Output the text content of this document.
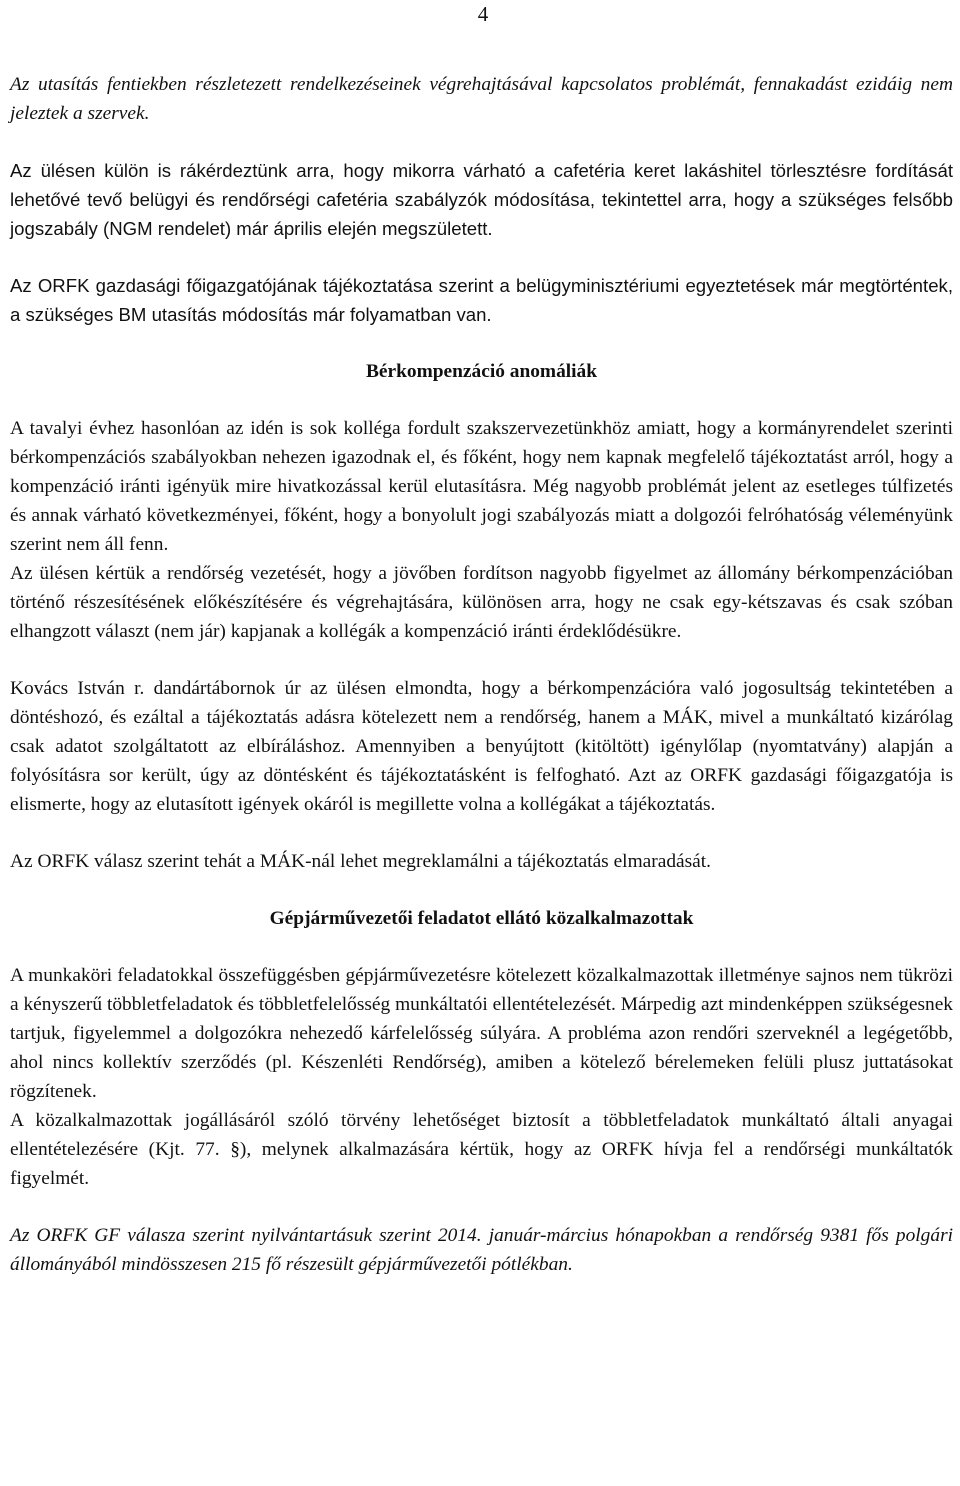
4

Az utasítás fentiekben részletezett rendelkezéseinek végrehajtásával kapcsolatos problémát, fennakadást ezidáig nem jeleztek a szervek.

Az ülésen külön is rákérdeztünk arra, hogy mikorra várható a cafetéria keret lakáshitel törlesztésre fordítását lehetővé tevő belügyi és rendőrségi cafetéria szabályzók módosítása, tekintettel arra, hogy a szükséges felsőbb jogszabály (NGM rendelet) már április elején megszületett.

Az ORFK gazdasági főigazgatójának tájékoztatása szerint a belügyminisztériumi egyeztetések már megtörténtek, a szükséges BM utasítás módosítás már folyamatban van.

Bérkompenzáció anomáliák

A tavalyi évhez hasonlóan az idén is sok kolléga fordult szakszervezetünkhöz amiatt, hogy a kormányrendelet szerinti bérkompenzációs szabályokban nehezen igazodnak el, és főként, hogy nem kapnak megfelelő tájékoztatást arról, hogy a kompenzáció iránti igényük mire hivatkozással kerül elutasításra. Még nagyobb problémát jelent az esetleges túlfizetés és annak várható következményei, főként, hogy a bonyolult jogi szabályozás miatt a dolgozói felróhatóság véleményünk szerint nem áll fenn.

Az ülésen kértük a rendőrség vezetését, hogy a jövőben fordítson nagyobb figyelmet az állomány bérkompenzációban történő részesítésének előkészítésére és végrehajtására, különösen arra, hogy ne csak egy-kétszavas és csak szóban elhangzott választ (nem jár) kapjanak a kollégák a kompenzáció iránti érdeklődésükre.

Kovács István r. dandártábornok úr az ülésen elmondta, hogy a bérkompenzációra való jogosultság tekintetében a döntéshozó, és ezáltal a tájékoztatás adásra kötelezett nem a rendőrség, hanem a MÁK, mivel a munkáltató kizárólag csak adatot szolgáltatott az elbíráláshoz. Amennyiben a benyújtott (kitöltött) igénylőlap (nyomtatvány) alapján a folyósításra sor került, úgy az döntésként és tájékoztatásként is felfogható. Azt az ORFK gazdasági főigazgatója is elismerte, hogy az elutasított igények okáról is megillette volna a kollégákat a tájékoztatás.

Az ORFK válasz szerint tehát a MÁK-nál lehet megreklamálni a tájékoztatás elmaradását.

Gépjárművezetői feladatot ellátó közalkalmazottak

A munkaköri feladatokkal összefüggésben gépjárművezetésre kötelezett közalkalmazottak illetménye sajnos nem tükrözi a kényszerű többletfeladatok és többletfelelősség munkáltatói ellentételezését. Márpedig azt mindenképpen szükségesnek tartjuk, figyelemmel a dolgozókra nehezedő kárfelelősség súlyára. A probléma azon rendőri szerveknél a legégetőbb, ahol nincs kollektív szerződés (pl. Készenléti Rendőrség), amiben a kötelező bérelemeken felüli plusz juttatásokat rögzítenek.

A közalkalmazottak jogállásáról szóló törvény lehetőséget biztosít a többletfeladatok munkáltató általi anyagai ellentételezésére (Kjt. 77. §), melynek alkalmazására kértük, hogy az ORFK hívja fel a rendőrségi munkáltatók figyelmét.

Az ORFK GF válasza szerint nyilvántartásuk szerint 2014. január-március hónapokban a rendőrség 9381 fős polgári állományából mindösszesen 215 fő részesült gépjárművezetői pótlékban.
